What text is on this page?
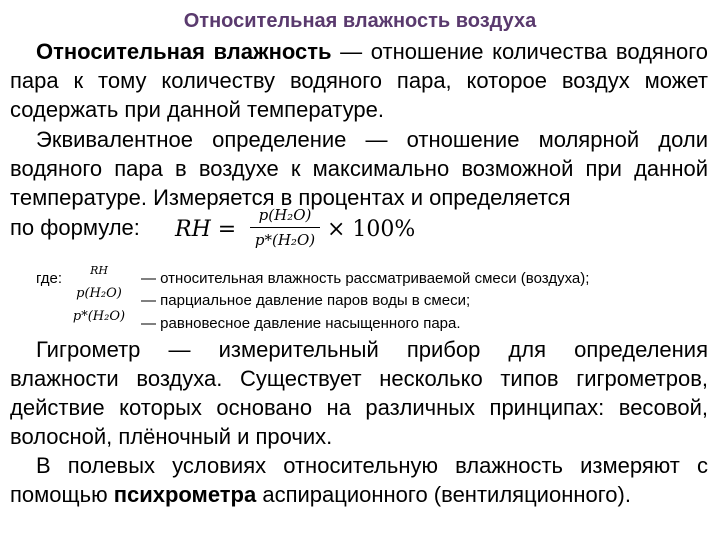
Относительная влажность воздуха
Относительная влажность — отношение количества водяного пара к тому количеству водяного пара, которое воздух может содержать при данной температуре.
Эквивалентное определение — отношение молярной доли водяного пара в воздухе к максимально возможной при данной температуре. Измеряется в процентах и определяется
по формуле: RH =
p(H₂O)
p*(H₂O) × 100%
где:	RH	— относительная влажность рассматриваемой смеси (воздуха);
p(H₂O)	— парциальное давление паров воды в смеси;
p*(H₂O)	— равновесное давление насыщенного пара.
Гигрометр — измерительный прибор для определения влажности воздуха. Существует несколько типов гигрометров, действие которых основано на различных принципах: весовой, волосной, плёночный и прочих.
В полевых условиях относительную влажность измеряют с помощью психрометра аспирационного (вентиляционного).
